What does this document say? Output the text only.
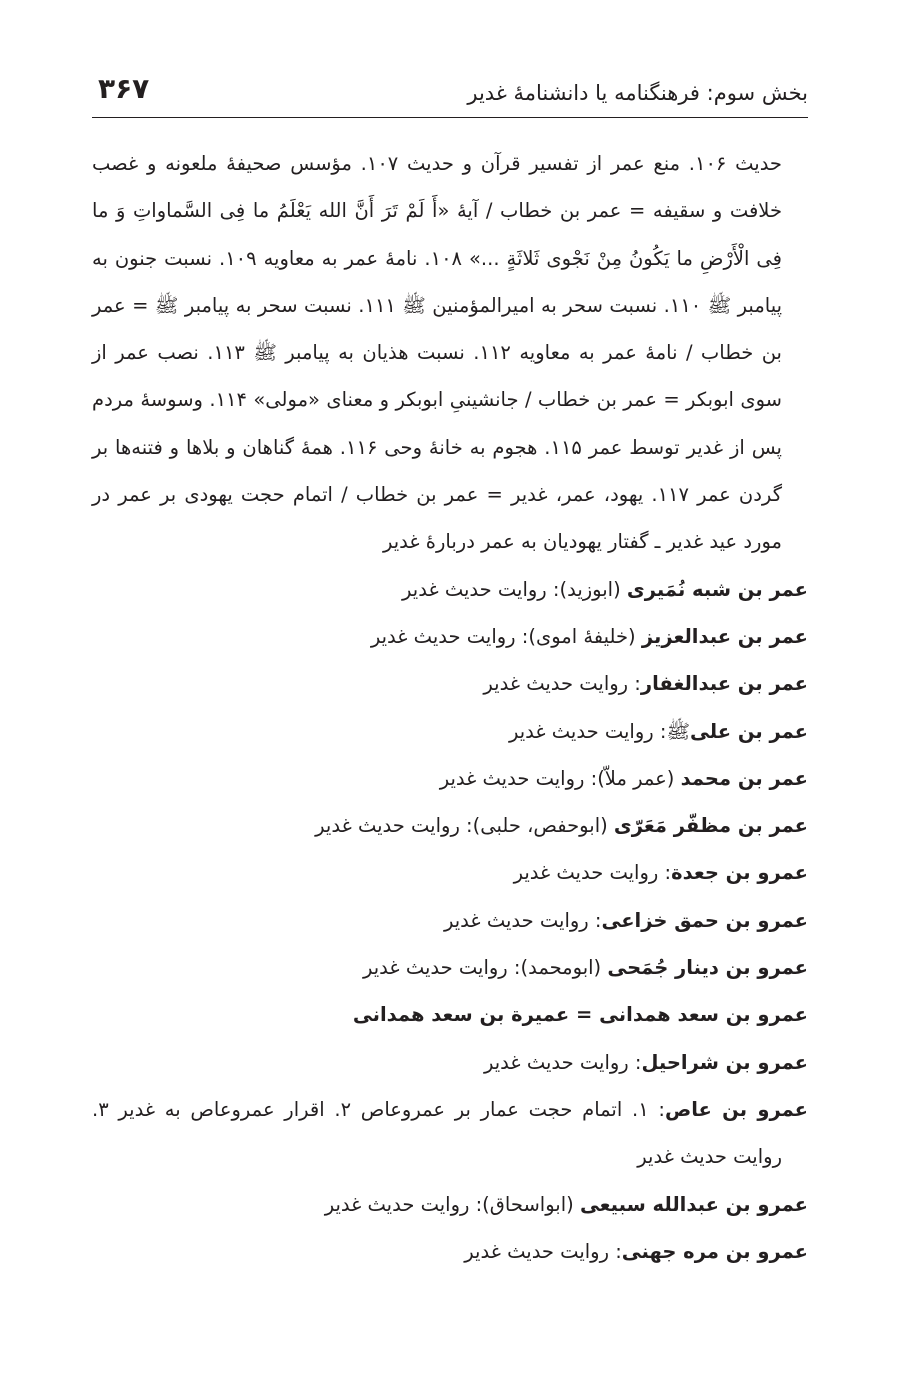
بخش سوم: فرهنگنامه یا دانشنامهٔ غدیر
۳۶۷

حدیث ۱۰۶. منع عمر از تفسیر قرآن و حدیث ۱۰۷. مؤسس صحیفهٔ ملعونه و غصب خلافت و سقیفه = عمر بن خطاب / آیهٔ «أَ لَمْ تَرَ أَنَّ الله یَعْلَمُ ما فِی السَّماواتِ وَ ما فِی الْأَرْضِ ما یَکُونُ مِنْ نَجْوی ثَلاثَةٍ ...» ۱۰۸. نامهٔ عمر به معاویه ۱۰۹. نسبت جنون به پیامبر ﷺ ۱۱۰. نسبت سحر به امیرالمؤمنین ﷺ ۱۱۱. نسبت سحر به پیامبر ﷺ = عمر بن خطاب / نامهٔ عمر به معاویه ۱۱۲. نسبت هذیان به پیامبر ﷺ ۱۱۳. نصب عمر از سوی ابوبکر = عمر بن خطاب / جانشینیِ ابوبکر و معنای «مولی» ۱۱۴. وسوسهٔ مردم پس از غدیر توسط عمر ۱۱۵. هجوم به خانهٔ وحی ۱۱۶. همهٔ گناهان و بلاها و فتنه‌ها بر گردن عمر ۱۱۷. یهود، عمر، غدیر = عمر بن خطاب / اتمام حجت یهودی بر عمر در مورد عید غدیر ـ گفتار یهودیان به عمر دربارهٔ غدیر

عمر بن شبه نُمَیری (ابوزید): روایت حدیث غدیر

عمر بن عبدالعزیز (خلیفهٔ اموی): روایت حدیث غدیر

عمر بن عبدالغفار: روایت حدیث غدیر

عمر بن علیﷺ: روایت حدیث غدیر

عمر بن محمد (عمر ملاّ): روایت حدیث غدیر

عمر بن مظفّر مَعَرّی (ابوحفص، حلبی): روایت حدیث غدیر

عمرو بن جعدة: روایت حدیث غدیر

عمرو بن حمق خزاعی: روایت حدیث غدیر

عمرو بن دینار جُمَحی (ابومحمد): روایت حدیث غدیر

عمرو بن سعد همدانی = عمیرة بن سعد همدانی

عمرو بن شراحیل: روایت حدیث غدیر

عمرو بن عاص: ۱. اتمام حجت عمار بر عمروعاص ۲. اقرار عمروعاص به غدیر ۳. روایت حدیث غدیر

عمرو بن عبدالله سبیعی (ابواسحاق): روایت حدیث غدیر

عمرو بن مره جهنی: روایت حدیث غدیر
